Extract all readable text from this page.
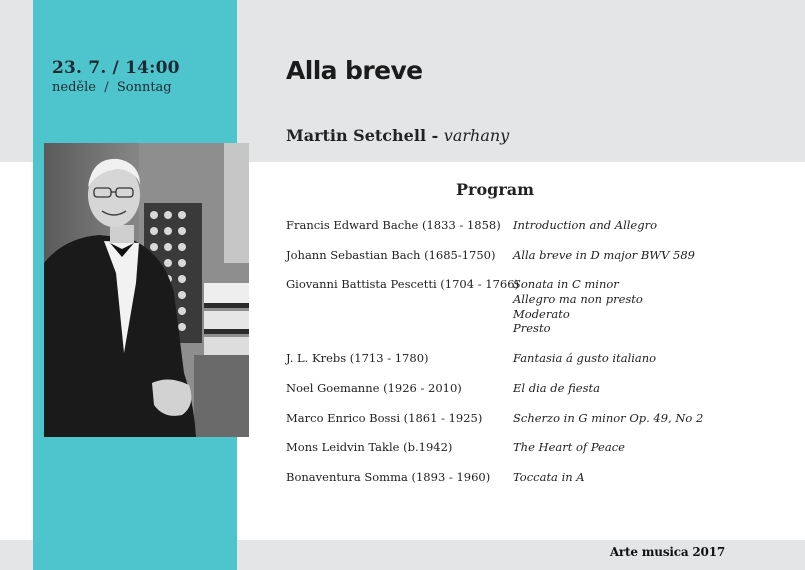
23. 7. / 14:00
neděle  /  Sonntag
Alla breve
Martin Setchell - varhany
Program
Francis Edward Bache (1833 - 1858) Introduction and Allegro
Johann Sebastian Bach (1685-1750) Alla breve in D major BWV 589
Giovanni Battista Pescetti (1704 - 1766)
Sonata in C minor
Allegro ma non presto
Moderato
Presto
J. L. Krebs (1713 - 1780)	Fantasia á gusto italiano
Noel Goemanne (1926 - 2010)	El dia de fiesta
Marco Enrico Bossi (1861 - 1925)	Scherzo in G minor Op. 49, No 2
Mons Leidvin Takle (b.1942)	The Heart of Peace
Bonaventura Somma (1893 - 1960) Toccata in A
Arte musica 2017
